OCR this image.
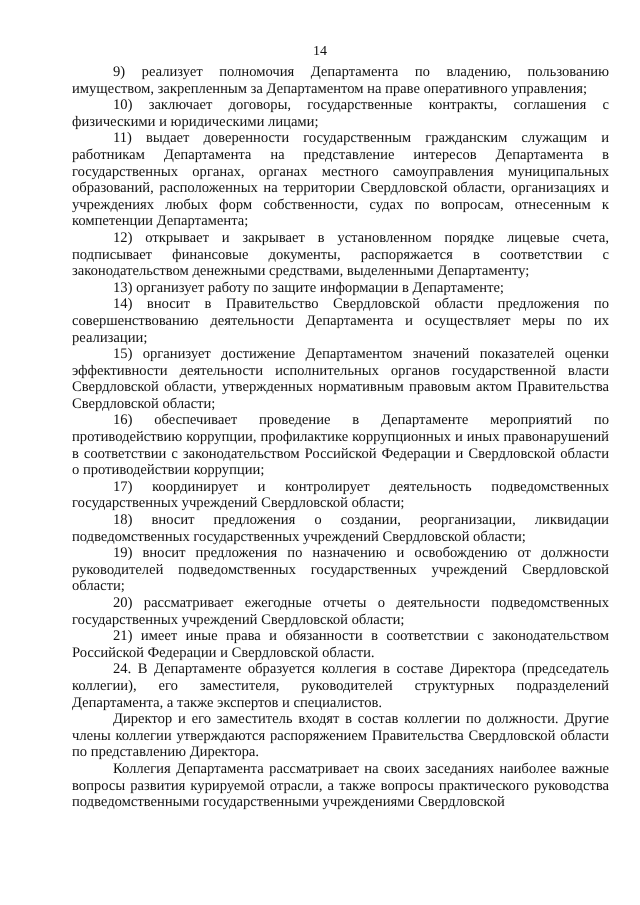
14

9) реализует полномочия Департамента по владению, пользованию имуществом, закрепленным за Департаментом на праве оперативного управления;

10) заключает договоры, государственные контракты, соглашения с физическими и юридическими лицами;

11) выдает доверенности государственным гражданским служащим и работникам Департамента на представление интересов Департамента в государственных органах, органах местного самоуправления муниципальных образований, расположенных на территории Свердловской области, организациях и учреждениях любых форм собственности, судах по вопросам, отнесенным к компетенции Департамента;

12) открывает и закрывает в установленном порядке лицевые счета, подписывает финансовые документы, распоряжается в соответствии с законодательством денежными средствами, выделенными Департаменту;

13) организует работу по защите информации в Департаменте;

14) вносит в Правительство Свердловской области предложения по совершенствованию деятельности Департамента и осуществляет меры по их реализации;

15) организует достижение Департаментом значений показателей оценки эффективности деятельности исполнительных органов государственной власти Свердловской области, утвержденных нормативным правовым актом Правительства Свердловской области;

16) обеспечивает проведение в Департаменте мероприятий по противодействию коррупции, профилактике коррупционных и иных правонарушений в соответствии с законодательством Российской Федерации и Свердловской области о противодействии коррупции;

17) координирует и контролирует деятельность подведомственных государственных учреждений Свердловской области;

18) вносит предложения о создании, реорганизации, ликвидации подведомственных государственных учреждений Свердловской области;

19) вносит предложения по назначению и освобождению от должности руководителей подведомственных государственных учреждений Свердловской области;

20) рассматривает ежегодные отчеты о деятельности подведомственных государственных учреждений Свердловской области;

21) имеет иные права и обязанности в соответствии с законодательством Российской Федерации и Свердловской области.

24. В Департаменте образуется коллегия в составе Директора (председатель коллегии), его заместителя, руководителей структурных подразделений Департамента, а также экспертов и специалистов.

Директор и его заместитель входят в состав коллегии по должности. Другие члены коллегии утверждаются распоряжением Правительства Свердловской области по представлению Директора.

Коллегия Департамента рассматривает на своих заседаниях наиболее важные вопросы развития курируемой отрасли, а также вопросы практического руководства подведомственными государственными учреждениями Свердловской
